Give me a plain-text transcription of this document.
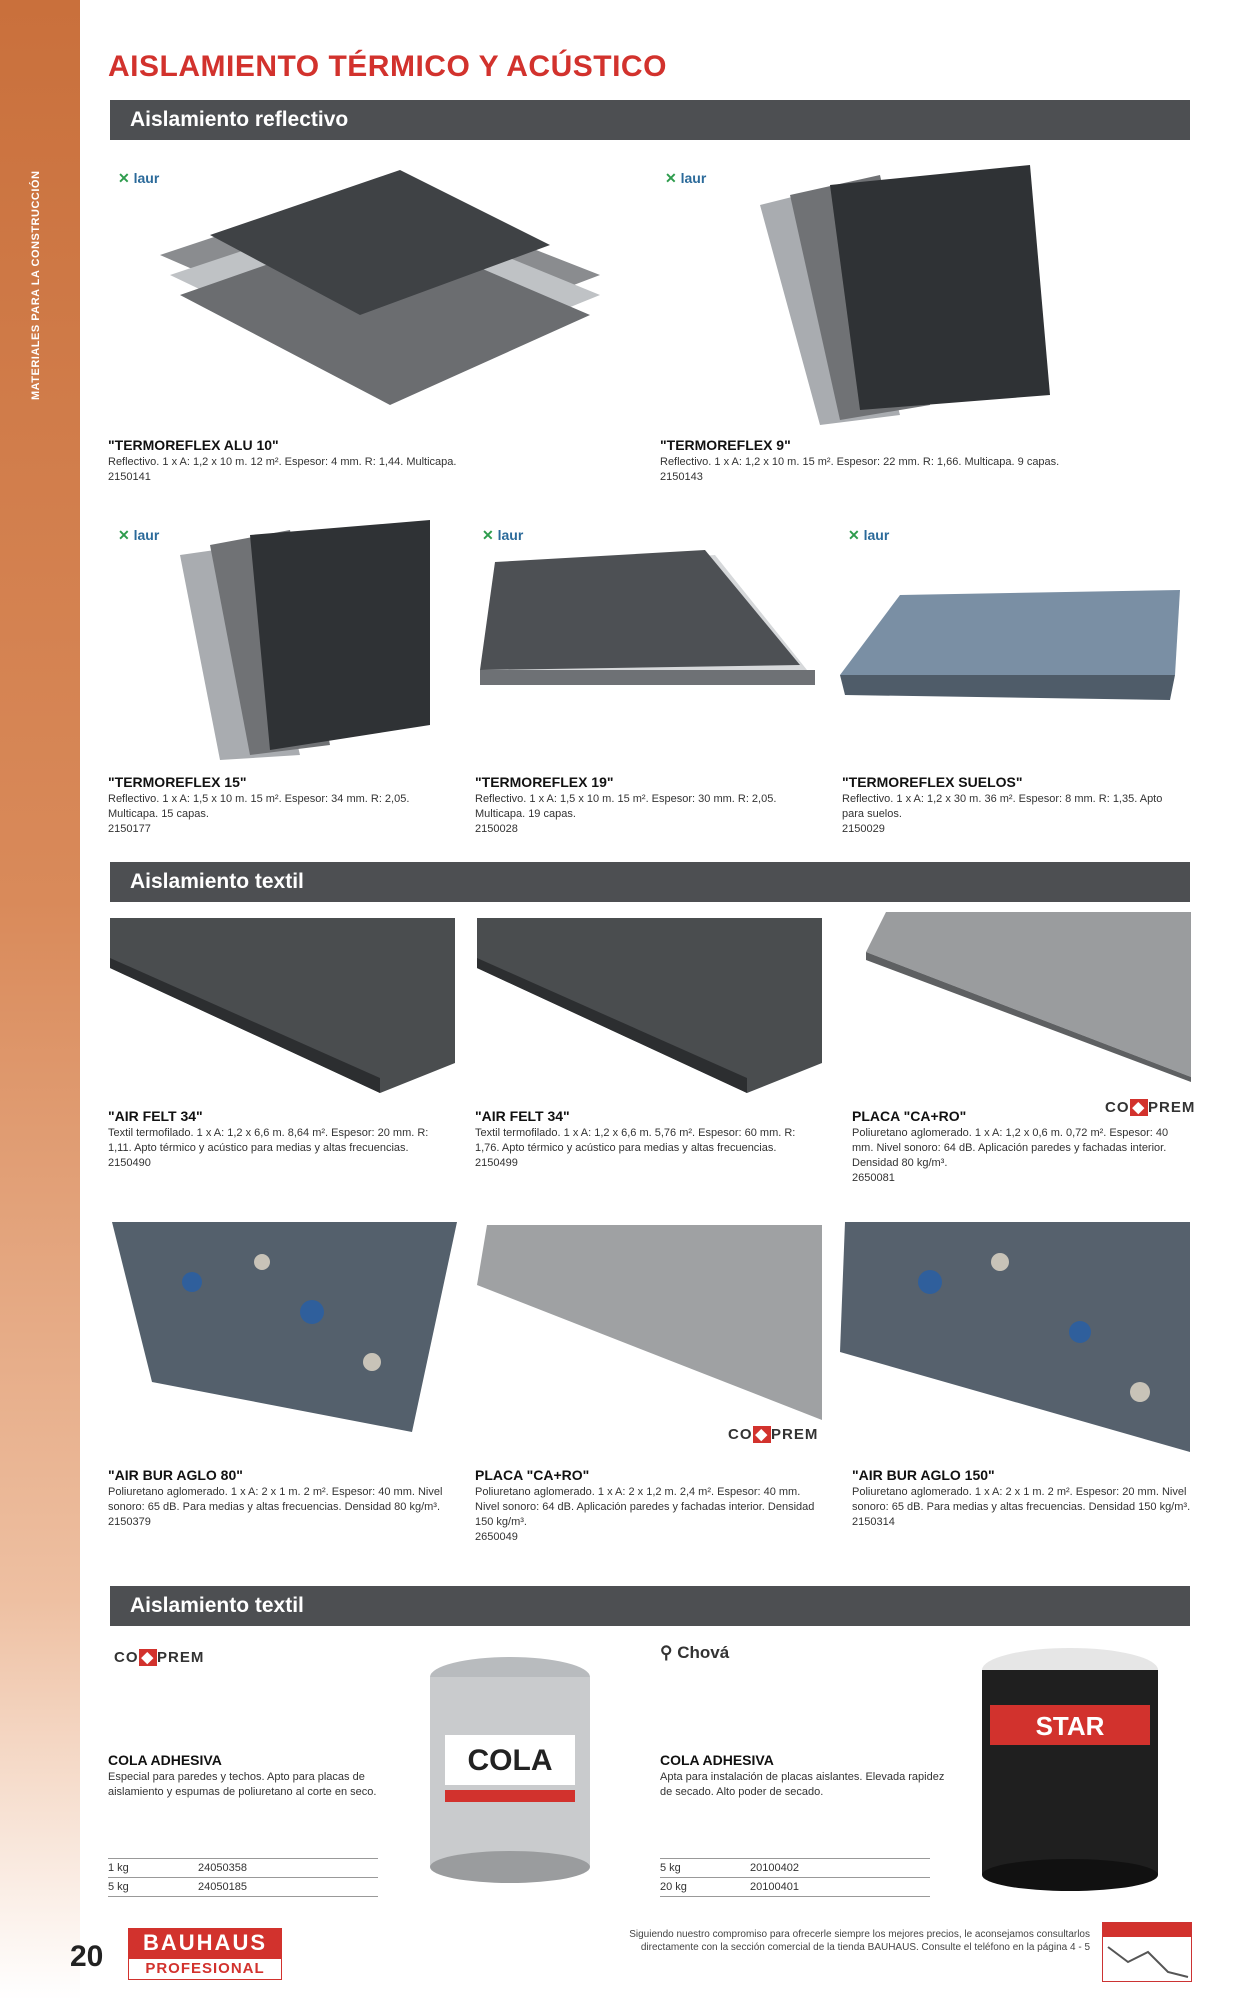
MATERIALES PARA LA CONSTRUCCIÓN
AISLAMIENTO TÉRMICO Y ACÚSTICO
Aislamiento reflectivo
✕ laur	✕ laur
"TERMOREFLEX ALU 10"
Reflectivo. 1 x A: 1,2 x 10 m. 12 m². Espesor: 4 mm. R: 1,44. Multicapa.
2150141
"TERMOREFLEX 9"
Reflectivo. 1 x A: 1,2 x 10 m. 15 m². Espesor: 22 mm. R: 1,66. Multicapa. 9 capas.
2150143
✕ laur	✕ laur	✕ laur
"TERMOREFLEX 15"
Reflectivo. 1 x A: 1,5 x 10 m. 15 m². Espesor: 34 mm. R: 2,05. Multicapa. 15 capas.
2150177
"TERMOREFLEX 19"
Reflectivo. 1 x A: 1,5 x 10 m. 15 m². Espesor: 30 mm. R: 2,05. Multicapa. 19 capas.
2150028
"TERMOREFLEX SUELOS"
Reflectivo. 1 x A: 1,2 x 30 m. 36 m². Espesor: 8 mm. R: 1,35. Apto para suelos.
2150029
Aislamiento textil
"AIR FELT 34"
Textil termofilado. 1 x A: 1,2 x 6,6 m. 8,64 m². Espesor: 20 mm. R: 1,11. Apto térmico y acústico para medias y altas frecuencias.
2150490
"AIR FELT 34"
Textil termofilado. 1 x A: 1,2 x 6,6 m. 5,76 m². Espesor: 60 mm. R: 1,76. Apto térmico y acústico para medias y altas frecuencias.
2150499
CO ◆ PREM
PLACA "CA+RO"
Poliuretano aglomerado. 1 x A: 1,2 x 0,6 m. 0,72 m². Espesor: 40 mm. Nivel sonoro: 64 dB. Aplicación paredes y fachadas interior. Densidad 80 kg/m³.
2650081
CO ◆ PREM
"AIR BUR AGLO 80"
Poliuretano aglomerado. 1 x A: 2 x 1 m. 2 m². Espesor: 40 mm. Nivel sonoro: 65 dB. Para medias y altas frecuencias. Densidad 80 kg/m³.
2150379
PLACA "CA+RO"
Poliuretano aglomerado. 1 x A: 2 x 1,2 m. 2,4 m². Espesor: 40 mm. Nivel sonoro: 64 dB. Aplicación paredes y fachadas interior. Densidad 150 kg/m³.
2650049
"AIR BUR AGLO 150"
Poliuretano aglomerado. 1 x A: 2 x 1 m. 2 m². Espesor: 20 mm. Nivel sonoro: 65 dB. Para medias y altas frecuencias. Densidad 150 kg/m³.
2150314
Aislamiento textil
CO ◆ PREM
COLA ADHESIVA
Especial para paredes y techos. Apto para placas de aislamiento y espumas de poliuretano al corte en seco.
1 kg	24050358
5 kg	24050185
COLA
⚲ Chová
COLA ADHESIVA
Apta para instalación de placas aislantes. Elevada rapidez de secado. Alto poder de secado.
5 kg	20100402
20 kg	20100401
STAR
20	BAUHAUS
PROFESIONAL
Siguiendo nuestro compromiso para ofrecerle siempre los mejores precios, le aconsejamos consultarlos directamente con la sección comercial de la tienda BAUHAUS. Consulte el teléfono en la página 4 - 5
